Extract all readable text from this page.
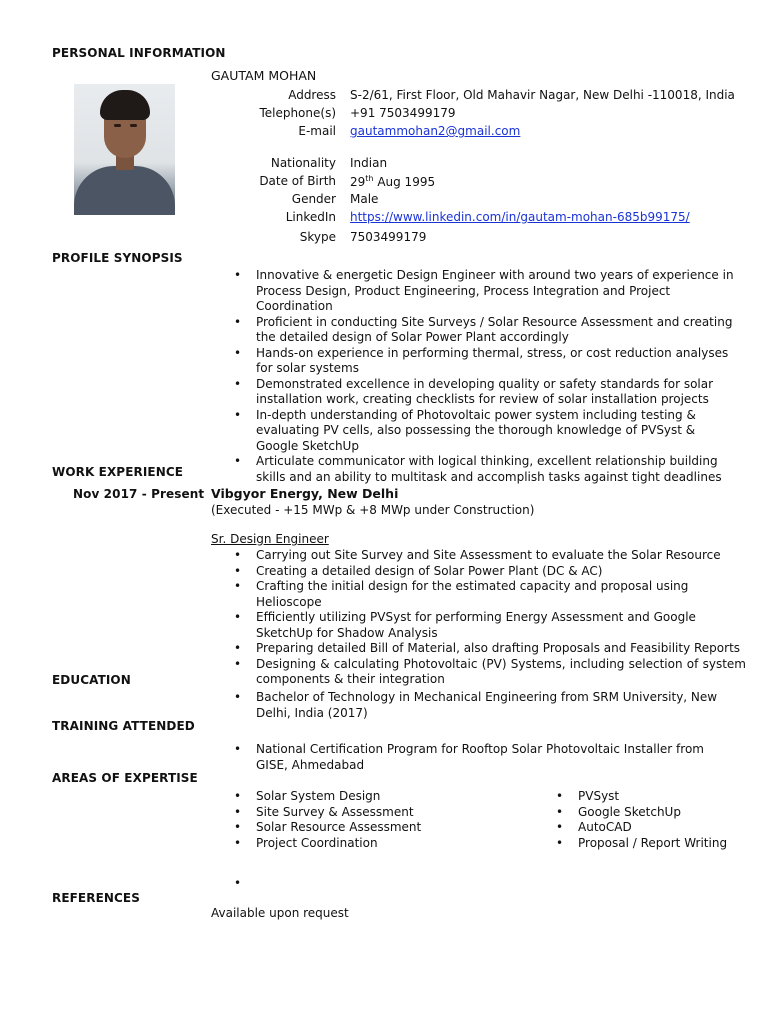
PERSONAL INFORMATION
PROFILE SYNOPSIS
WORK EXPERIENCE
EDUCATION
TRAINING ATTENDED
AREAS OF EXPERTISE
REFERENCES
GAUTAM MOHAN
Address S-2/61, First Floor, Old Mahavir Nagar, New Delhi -110018, India
Telephone(s) +91 7503499179
E-mail gautammohan2@gmail.com
Nationality Indian
Date of Birth 29th Aug 1995
Gender Male
LinkedIn https://www.linkedin.com/in/gautam-mohan-685b99175/
Skype 7503499179
• Innovative & energetic Design Engineer with around two years of experience in Process Design, Product Engineering, Process Integration and Project Coordination
• Proficient in conducting Site Surveys / Solar Resource Assessment and creating the detailed design of Solar Power Plant accordingly
• Hands-on experience in performing thermal, stress, or cost reduction analyses for solar systems
• Demonstrated excellence in developing quality or safety standards for solar installation work, creating checklists for review of solar installation projects
• In-depth understanding of Photovoltaic power system including testing & evaluating PV cells, also possessing the thorough knowledge of PVSyst & Google SketchUp
• Articulate communicator with logical thinking, excellent relationship building skills and an ability to multitask and accomplish tasks against tight deadlines
Nov 2017 - Present Vibgyor Energy, New Delhi
(Executed - +15 MWp & +8 MWp under Construction)
Sr. Design Engineer
• Carrying out Site Survey and Site Assessment to evaluate the Solar Resource
• Creating a detailed design of Solar Power Plant (DC & AC)
• Crafting the initial design for the estimated capacity and proposal using Helioscope
• Efficiently utilizing PVSyst for performing Energy Assessment and Google SketchUp for Shadow Analysis
• Preparing detailed Bill of Material, also drafting Proposals and Feasibility Reports
• Designing & calculating Photovoltaic (PV) Systems, including selection of system components & their integration
• Bachelor of Technology in Mechanical Engineering from SRM University, New Delhi, India (2017)
• National Certification Program for Rooftop Solar Photovoltaic Installer from GISE, Ahmedabad
• Solar System Design
• Site Survey & Assessment
• Solar Resource Assessment
• Project Coordination
• PVSyst
• Google SketchUp
• AutoCAD
• Proposal / Report Writing
•
Available upon request
